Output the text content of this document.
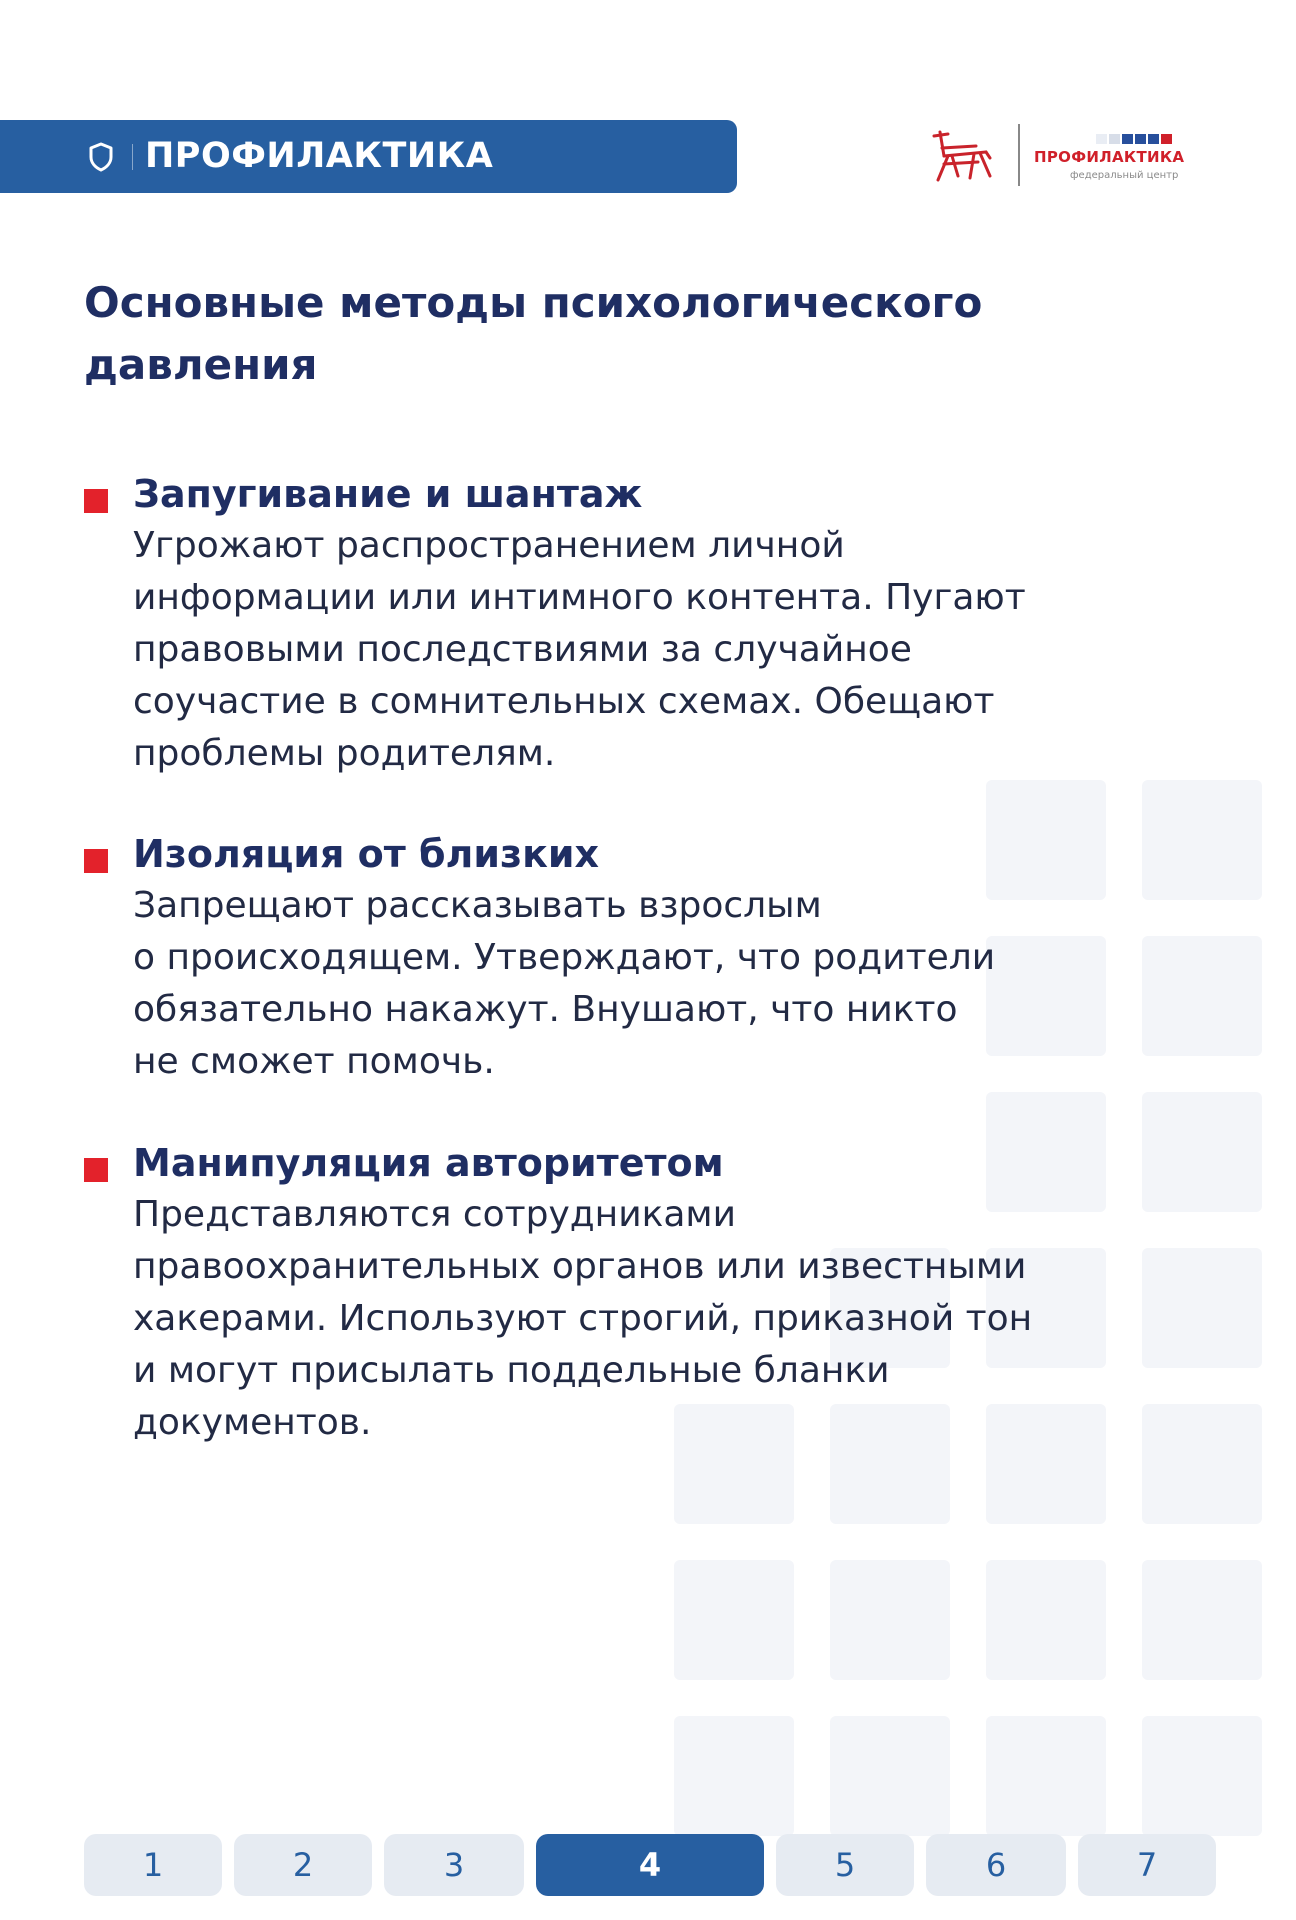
ПРОФИЛАКТИКА	ПРОФИЛАКТИКА
федеральный центр
Основные методы психологического давления
Запугивание и шантаж
Угрожают распространением личной
информации или интимного контента. Пугают
правовыми последствиями за случайное
соучастие в сомнительных схемах. Обещают
проблемы родителям.
Изоляция от близких
Запрещают рассказывать взрослым
о происходящем. Утверждают, что родители
обязательно накажут. Внушают, что никто
не сможет помочь.
Манипуляция авторитетом
Представляются сотрудниками
правоохранительных органов или известными
хакерами. Используют строгий, приказной тон
и могут присылать поддельные бланки
документов.
1	2	3	4	5	6	7
